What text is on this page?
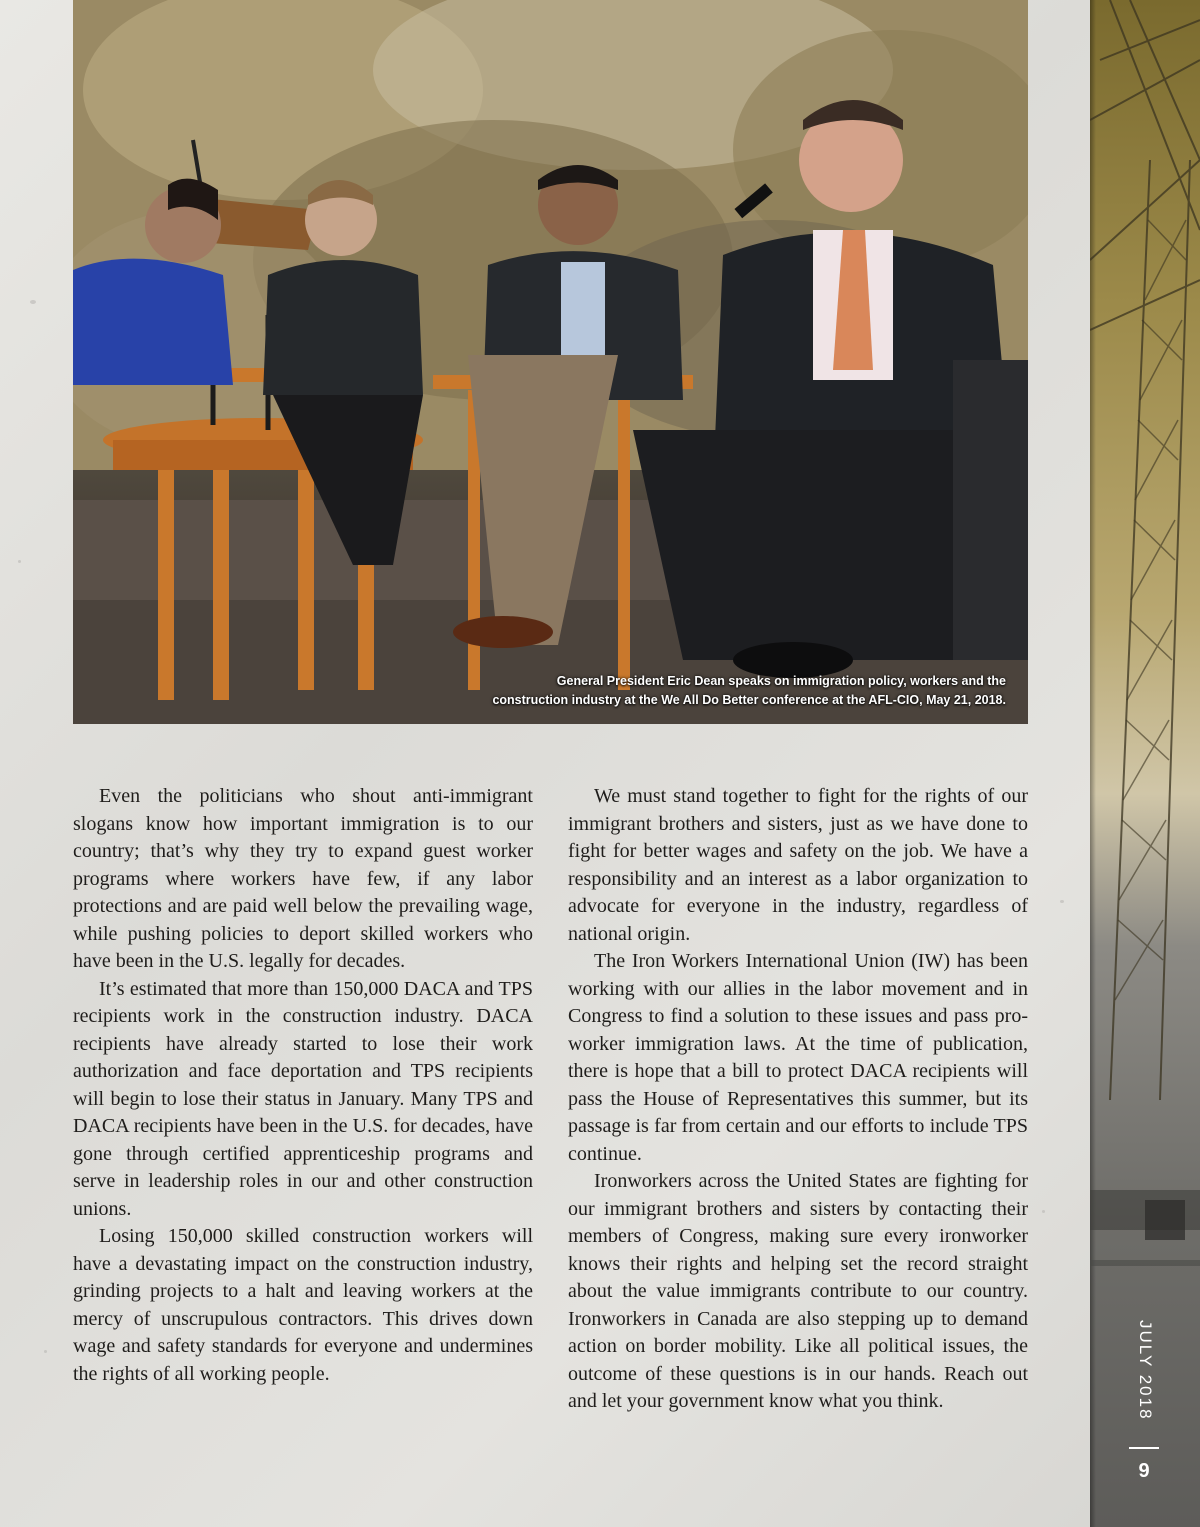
General President Eric Dean speaks on immigration policy, workers and the
construction industry at the We All Do Better conference at the AFL-CIO, May 21, 2018.

Even the politicians who shout anti-immigrant slogans know how important immigration is to our country; that’s why they try to expand guest worker programs where workers have few, if any labor protections and are paid well below the prevailing wage, while pushing policies to deport skilled workers who have been in the U.S. legally for decades.

It’s estimated that more than 150,000 DACA and TPS recipients work in the construction industry. DACA recipients have already started to lose their work authorization and face deportation and TPS recipients will begin to lose their status in January. Many TPS and DACA recipients have been in the U.S. for decades, have gone through certified apprenticeship programs and serve in leadership roles in our and other construction unions.

Losing 150,000 skilled construction workers will have a devastating impact on the construction industry, grinding projects to a halt and leaving workers at the mercy of unscrupulous contractors. This drives down wage and safety standards for everyone and undermines the rights of all working people.

We must stand together to fight for the rights of our immigrant brothers and sisters, just as we have done to fight for better wages and safety on the job. We have a responsibility and an interest as a labor organization to advocate for everyone in the industry, regardless of national origin.

The Iron Workers International Union (IW) has been working with our allies in the labor movement and in Congress to find a solution to these issues and pass pro-worker immigration laws. At the time of publication, there is hope that a bill to protect DACA recipients will pass the House of Representatives this summer, but its passage is far from certain and our efforts to include TPS continue.

Ironworkers across the United States are fighting for our immigrant brothers and sisters by contacting their members of Congress, making sure every ironworker knows their rights and helping set the record straight about the value immigrants contribute to our country. Ironworkers in Canada are also stepping up to demand action on border mobility. Like all political issues, the outcome of these questions is in our hands. Reach out and let your government know what you think.	JULY 2018
9
